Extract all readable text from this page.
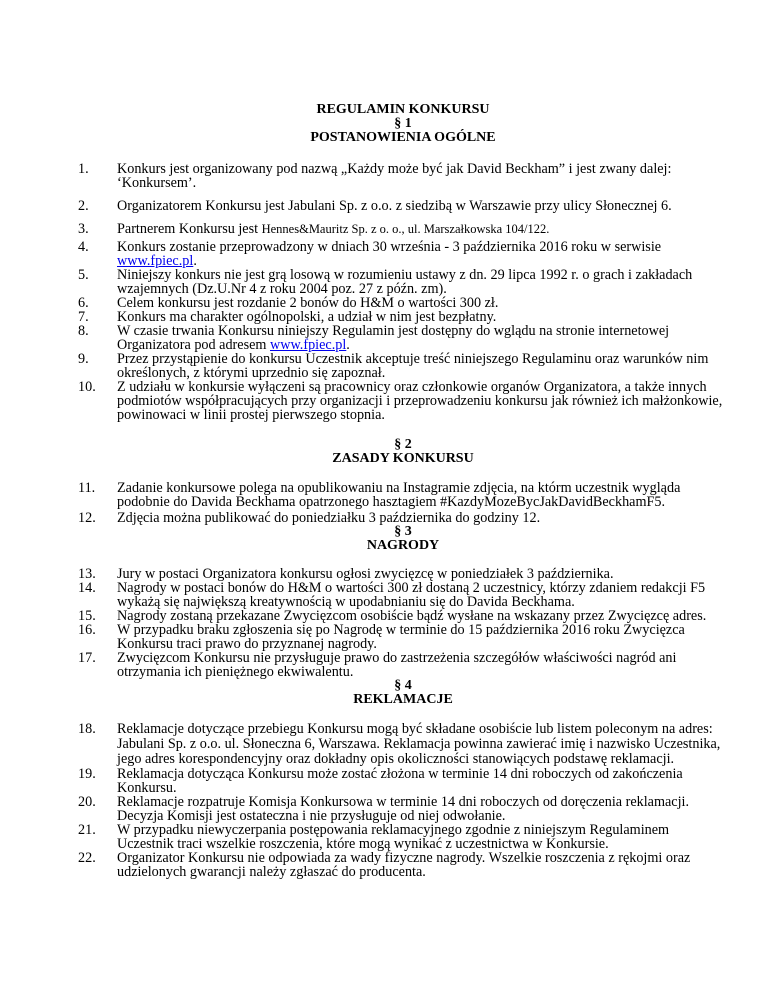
REGULAMIN KONKURSU
§ 1
POSTANOWIENIA OGÓLNE
1.	Konkurs jest organizowany pod nazwą „Każdy może być jak David Beckham” i jest zwany dalej: ‘Konkursem’.
2.	Organizatorem Konkursu jest Jabulani Sp. z o.o. z siedzibą w Warszawie przy ulicy Słonecznej 6.
3.	Partnerem Konkursu jest Hennes&Mauritz Sp. z o. o., ul. Marszałkowska 104/122.
4.	Konkurs zostanie przeprowadzony w dniach 30 września - 3 października 2016 roku w serwisie www.fpiec.pl.
5.	Niniejszy konkurs nie jest grą losową w rozumieniu ustawy z dn. 29 lipca 1992 r. o grach i zakładach wzajemnych (Dz.U.Nr 4 z roku 2004 poz. 27 z późn. zm).
6.	Celem konkursu jest rozdanie 2 bonów do H&M o wartości 300 zł.
7.	Konkurs ma charakter ogólnopolski, a udział w nim jest bezpłatny.
8.	W czasie trwania Konkursu niniejszy Regulamin jest dostępny do wglądu na stronie internetowej Organizatora pod adresem www.fpiec.pl.
9.	Przez przystąpienie do konkursu Uczestnik akceptuje treść niniejszego Regulaminu oraz warunków nim określonych, z którymi uprzednio się zapoznał.
10.	Z udziału w konkursie wyłączeni są pracownicy oraz członkowie organów Organizatora, a także innych podmiotów współpracujących przy organizacji i przeprowadzeniu konkursu jak również ich małżonkowie, powinowaci w linii prostej pierwszego stopnia.
§ 2
ZASADY KONKURSU
11.	Zadanie konkursowe polega na opublikowaniu na Instagramie zdjęcia, na którm uczestnik wygląda podobnie do Davida Beckhama opatrzonego hasztagiem #KazdyMozeBycJakDavidBeckhamF5.
12.	Zdjęcia można publikować do poniedziałku 3 października do godziny 12.
§ 3
NAGRODY
13.	Jury w postaci Organizatora konkursu ogłosi zwycięzcę w poniedziałek 3 października.
14.	Nagrody w postaci bonów do H&M o wartości 300 zł dostaną 2 uczestnicy, którzy zdaniem redakcji F5 wykażą się największą kreatywnością w upodabnianiu się do Davida Beckhama.
15.	Nagrody zostaną przekazane Zwycięzcom osobiście bądź wysłane na wskazany przez Zwycięzcę adres.
16.	W przypadku braku zgłoszenia się po Nagrodę w terminie do 15 października 2016 roku Zwycięzca Konkursu traci prawo do przyznanej nagrody.
17.	Zwycięzcom Konkursu nie przysługuje prawo do zastrzeżenia szczegółów właściwości nagród ani otrzymania ich pieniężnego ekwiwalentu.
§ 4
REKLAMACJE
18.	Reklamacje dotyczące przebiegu Konkursu mogą być składane osobiście lub listem poleconym na adres: Jabulani Sp. z o.o. ul. Słoneczna 6, Warszawa. Reklamacja powinna zawierać imię i nazwisko Uczestnika, jego adres korespondencyjny oraz dokładny opis okoliczności stanowiących podstawę reklamacji.
19.	Reklamacja dotycząca Konkursu może zostać złożona w terminie 14 dni roboczych od zakończenia Konkursu.
20.	Reklamacje rozpatruje Komisja Konkursowa w terminie 14 dni roboczych od doręczenia reklamacji. Decyzja Komisji jest ostateczna i nie przysługuje od niej odwołanie.
21.	W przypadku niewyczerpania postępowania reklamacyjnego zgodnie z niniejszym Regulaminem Uczestnik traci wszelkie roszczenia, które mogą wynikać z uczestnictwa w Konkursie.
22.	Organizator Konkursu nie odpowiada za wady fizyczne nagrody. Wszelkie roszczenia z rękojmi oraz udzielonych gwarancji należy zgłaszać do producenta.
